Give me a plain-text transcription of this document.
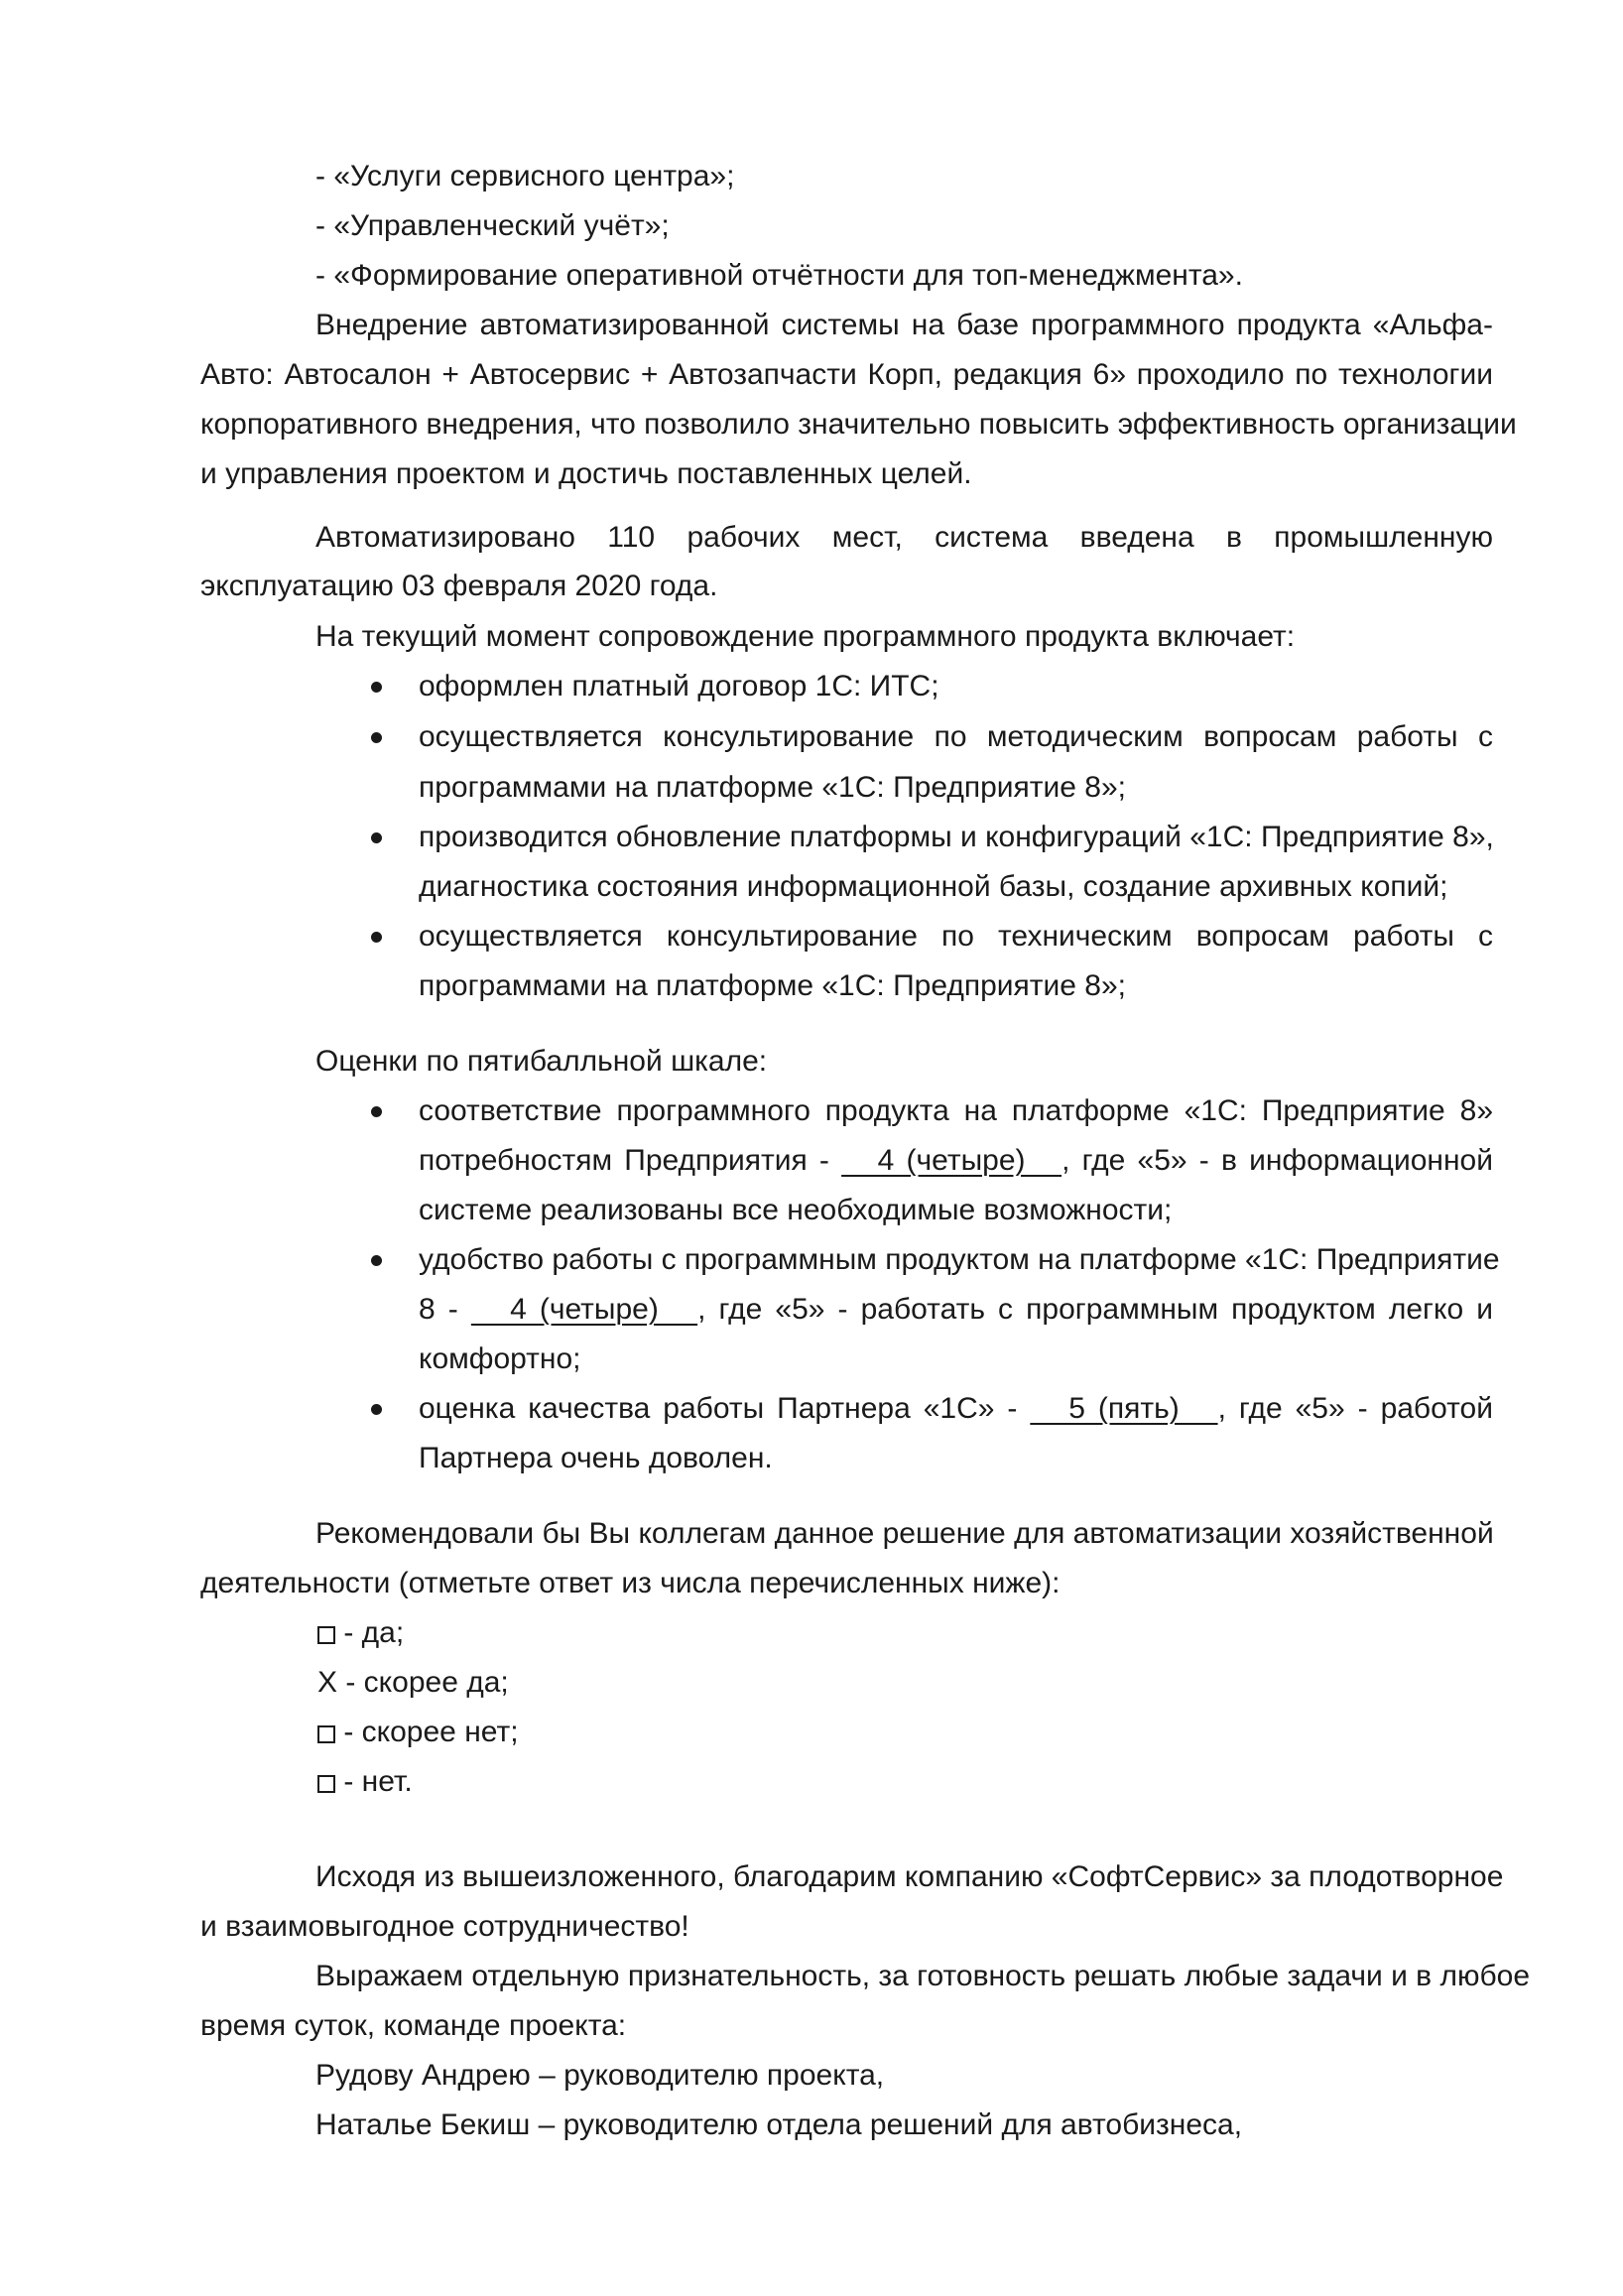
- «Услуги сервисного центра»;
- «Управленческий учёт»;
- «Формирование оперативной отчётности для топ-менеджмента».
Внедрение автоматизированной системы на базе программного продукта «Альфа-
Авто: Автосалон + Автосервис + Автозапчасти Корп, редакция 6» проходило по технологии
корпоративного внедрения, что позволило значительно повысить эффективность организации
и управления проектом и достичь поставленных целей.
Автоматизировано 110 рабочих мест, система введена в промышленную
эксплуатацию 03 февраля 2020 года.
На текущий момент сопровождение программного продукта включает:
оформлен платный договор 1С: ИТС;
осуществляется консультирование по методическим вопросам работы с
программами на платформе «1С: Предприятие 8»;
производится обновление платформы и конфигураций «1С: Предприятие 8»,
диагностика состояния информационной базы, создание архивных копий;
осуществляется консультирование по техническим вопросам работы с
программами на платформе «1С: Предприятие 8»;
Оценки по пятибалльной шкале:
соответствие программного продукта на платформе «1С: Предприятие 8»
потребностям Предприятия -    4 (четыре)   , где «5» - в информационной
системе реализованы все необходимые возможности;
удобство работы с программным продуктом на платформе «1С: Предприятие
8 -    4 (четыре)   , где «5» - работать с программным продуктом легко и
комфортно;
оценка качества работы Партнера «1С» -    5 (пять)   , где «5» - работой
Партнера очень доволен.
Рекомендовали бы Вы коллегам данное решение для автоматизации хозяйственной
деятельности (отметьте ответ из числа перечисленных ниже):
- да;
X - скорее да;
- скорее нет;
- нет.
Исходя из вышеизложенного, благодарим компанию «СофтСервис» за плодотворное
и взаимовыгодное сотрудничество!
Выражаем отдельную признательность, за готовность решать любые задачи и в любое
время суток, команде проекта:
Рудову Андрею – руководителю проекта,
Наталье Бекиш – руководителю отдела решений для автобизнеса,
